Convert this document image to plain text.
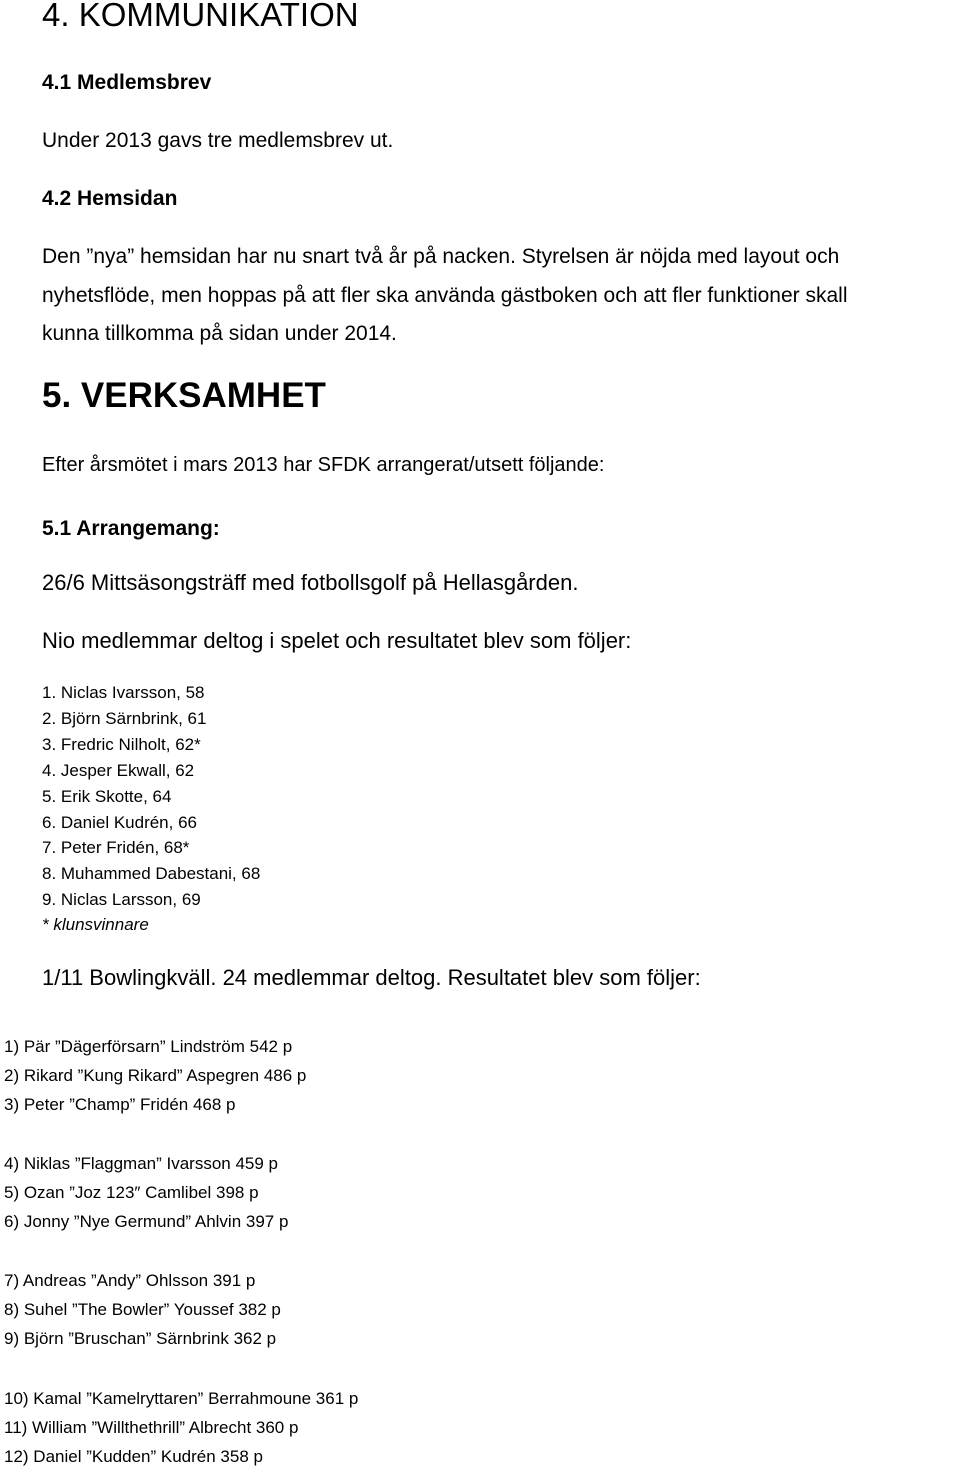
4. KOMMUNIKATION
4.1 Medlemsbrev
Under 2013 gavs tre medlemsbrev ut.
4.2 Hemsidan
Den ”nya” hemsidan har nu snart två år på nacken. Styrelsen är nöjda med layout och
nyhetsflöde, men hoppas på att fler ska använda gästboken och att fler funktioner skall
kunna tillkomma på sidan under 2014.
5. VERKSAMHET
Efter årsmötet i mars 2013 har SFDK arrangerat/utsett följande:
5.1 Arrangemang:
26/6 Mittsäsongsträff med fotbollsgolf på Hellasgården.
Nio medlemmar deltog i spelet och resultatet blev som följer:
1. Niclas Ivarsson, 58
2. Björn Särnbrink, 61
3. Fredric Nilholt, 62*
4. Jesper Ekwall, 62
5. Erik Skotte, 64
6. Daniel Kudrén, 66
7. Peter Fridén, 68*
8. Muhammed Dabestani, 68
9. Niclas Larsson, 69
* klunsvinnare
1/11 Bowlingkväll. 24 medlemmar deltog. Resultatet blev som följer:
1) Pär ”Dägerförsarn” Lindström 542 p
2) Rikard ”Kung Rikard” Aspegren 486 p
3) Peter ”Champ” Fridén 468 p
4) Niklas ”Flaggman” Ivarsson 459 p
5) Ozan ”Joz 123″ Camlibel 398 p
6) Jonny ”Nye Germund” Ahlvin 397 p
7) Andreas ”Andy” Ohlsson 391 p
8) Suhel ”The Bowler” Youssef 382 p
9) Björn ”Bruschan” Särnbrink 362 p
10) Kamal ”Kamelryttaren” Berrahmoune 361 p
11) William ”Willthethrill” Albrecht 360 p
12) Daniel ”Kudden” Kudrén 358 p
